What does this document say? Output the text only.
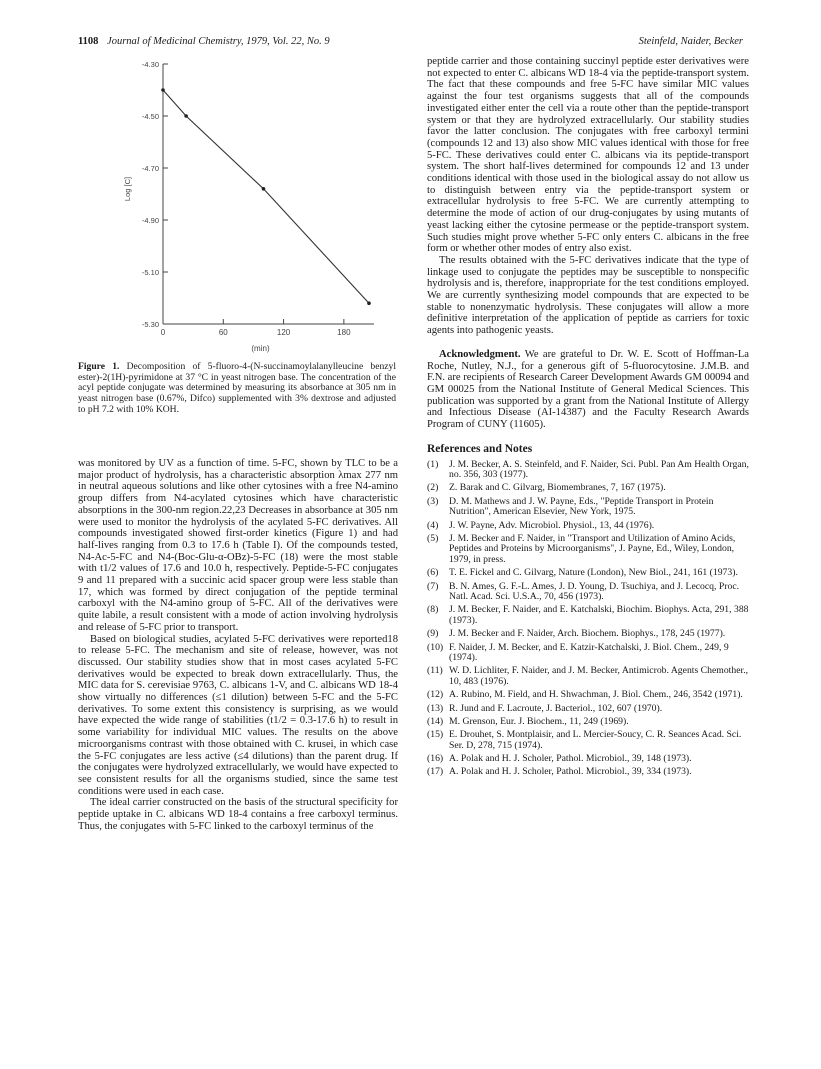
1108 Journal of Medicinal Chemistry, 1979, Vol. 22, No. 9	Steinfeld, Naider, Becker
-4.30
-4.50
-4.70
-4.90
-5.10
-5.30
0	60	120	180
(min)
Log [C]
Figure 1. Decomposition of 5-fluoro-4-(N-succinamoylalanylleucine benzyl ester)-2(1H)-pyrimidone at 37 °C in yeast nitrogen base. The concentration of the acyl peptide conjugate was determined by measuring its absorbance at 305 nm in yeast nitrogen base (0.67%, Difco) supplemented with 3% dextrose and adjusted to pH 7.2 with 10% KOH.

was monitored by UV as a function of time. 5-FC, shown by TLC to be a major product of hydrolysis, has a characteristic absorption λmax 277 nm in neutral aqueous solutions and like other cytosines with a free N4-amino group differs from N4-acylated cytosines which have characteristic absorptions in the 300-nm region.22,23 Decreases in absorbance at 305 nm were used to monitor the hydrolysis of the acylated 5-FC derivatives. All compounds investigated showed first-order kinetics (Figure 1) and had half-lives ranging from 0.3 to 17.6 h (Table I). Of the compounds tested, N4-Ac-5-FC and N4-(Boc-Glu-α-OBz)-5-FC (18) were the most stable with t1/2 values of 17.6 and 10.0 h, respectively. Peptide-5-FC conjugates 9 and 11 prepared with a succinic acid spacer group were less stable than 17, which was formed by direct conjugation of the peptide terminal carboxyl with the N4-amino group of 5-FC. All of the derivatives were quite labile, a result consistent with a mode of action involving hydrolysis and release of 5-FC prior to transport.

Based on biological studies, acylated 5-FC derivatives were reported18 to release 5-FC. The mechanism and site of release, however, was not discussed. Our stability studies show that in most cases acylated 5-FC derivatives would be expected to break down extracellularly. Thus, the MIC data for S. cerevisiae 9763, C. albicans 1-V, and C. albicans WD 18-4 show virtually no differences (≤1 dilution) between 5-FC and the 5-FC derivatives. To some extent this consistency is surprising, as we would have expected the wide range of stabilities (t1/2 = 0.3-17.6 h) to result in some variability for individual MIC values. The results on the above microorganisms contrast with those obtained with C. krusei, in which case the 5-FC conjugates are less active (≤4 dilutions) than the parent drug. If the conjugates were hydrolyzed extracellularly, we would have expected to see consistent results for all the organisms studied, since the same test conditions were used in each case.

The ideal carrier constructed on the basis of the structural specificity for peptide uptake in C. albicans WD 18-4 contains a free carboxyl terminus. Thus, the conjugates with 5-FC linked to the carboxyl terminus of the

peptide carrier and those containing succinyl peptide ester derivatives were not expected to enter C. albicans WD 18-4 via the peptide-transport system. The fact that these compounds and free 5-FC have similar MIC values against the four test organisms suggests that all of the compounds investigated either enter the cell via a route other than the peptide-transport system or that they are hydrolyzed extracellularly. Our stability studies favor the latter conclusion. The conjugates with free carboxyl termini (compounds 12 and 13) also show MIC values identical with those for free 5-FC. These derivatives could enter C. albicans via its peptide-transport system. The short half-lives determined for compounds 12 and 13 under conditions identical with those used in the biological assay do not allow us to distinguish between entry via the peptide-transport system or extracellular hydrolysis to free 5-FC. We are currently attempting to determine the mode of action of our drug-conjugates by using mutants of yeast lacking either the cytosine permease or the peptide-transport system. Such studies might prove whether 5-FC only enters C. albicans in the free form or whether other modes of entry also exist.

The results obtained with the 5-FC derivatives indicate that the type of linkage used to conjugate the peptides may be susceptible to nonspecific hydrolysis and is, therefore, inappropriate for the test conditions employed. We are currently synthesizing model compounds that are expected to be stable to nonenzymatic hydrolysis. These conjugates will allow a more definitive interpretation of the application of peptide as carriers for toxic agents into pathogenic yeasts.

Acknowledgment. We are grateful to Dr. W. E. Scott of Hoffman-La Roche, Nutley, N.J., for a generous gift of 5-fluorocytosine. J.M.B. and F.N. are recipients of Research Career Development Awards GM 00094 and GM 00025 from the National Institute of General Medical Sciences. This publication was supported by a grant from the National Institute of Allergy and Infectious Disease (AI-14387) and the Faculty Research Awards Program of CUNY (11605).

References and Notes
(1)	J. M. Becker, A. S. Steinfeld, and F. Naider, Sci. Publ. Pan Am Health Organ, no. 356, 303 (1977).
(2)	Z. Barak and C. Gilvarg, Biomembranes, 7, 167 (1975).
(3)	D. M. Mathews and J. W. Payne, Eds., "Peptide Transport in Protein Nutrition", American Elsevier, New York, 1975.
(4)	J. W. Payne, Adv. Microbiol. Physiol., 13, 44 (1976).
(5)	J. M. Becker and F. Naider, in "Transport and Utilization of Amino Acids, Peptides and Proteins by Microorganisms", J. Payne, Ed., Wiley, London, 1979, in press.
(6)	T. E. Fickel and C. Gilvarg, Nature (London), New Biol., 241, 161 (1973).
(7)	B. N. Ames, G. F.-L. Ames, J. D. Young, D. Tsuchiya, and J. Lecocq, Proc. Natl. Acad. Sci. U.S.A., 70, 456 (1973).
(8)	J. M. Becker, F. Naider, and E. Katchalski, Biochim. Biophys. Acta, 291, 388 (1973).
(9)	J. M. Becker and F. Naider, Arch. Biochem. Biophys., 178, 245 (1977).
(10) F. Naider, J. M. Becker, and E. Katzir-Katchalski, J. Biol. Chem., 249, 9 (1974).
(11) W. D. Lichliter, F. Naider, and J. M. Becker, Antimicrob. Agents Chemother., 10, 483 (1976).
(12) A. Rubino, M. Field, and H. Shwachman, J. Biol. Chem., 246, 3542 (1971).
(13) R. Jund and F. Lacroute, J. Bacteriol., 102, 607 (1970).
(14) M. Grenson, Eur. J. Biochem., 11, 249 (1969).
(15) E. Drouhet, S. Montplaisir, and L. Mercier-Soucy, C. R. Seances Acad. Sci. Ser. D, 278, 715 (1974).
(16) A. Polak and H. J. Scholer, Pathol. Microbiol., 39, 148 (1973).
(17) A. Polak and H. J. Scholer, Pathol. Microbiol., 39, 334 (1973).
